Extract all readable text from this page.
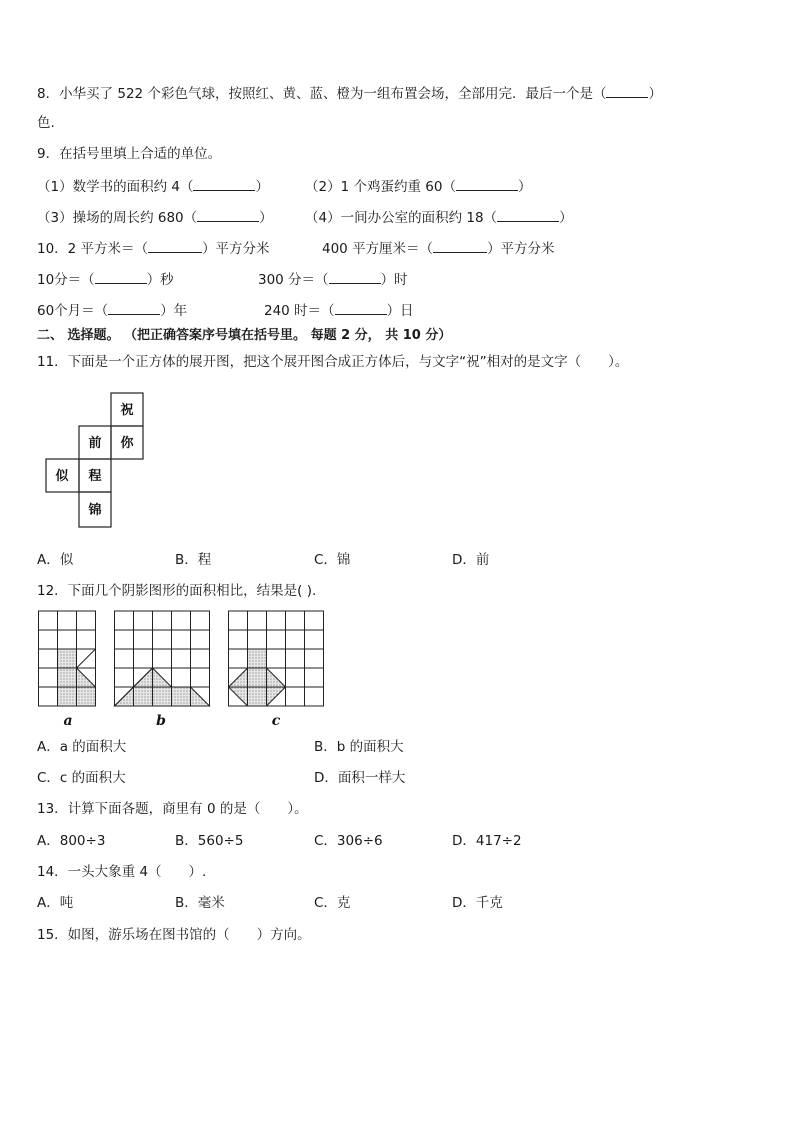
8．小华买了 522 个彩色气球，按照红、黄、蓝、橙为一组布置会场，全部用完．最后一个是（	）
色.
9．在括号里填上合适的单位。
（1）数学书的面积约 4（	）	（2）1 个鸡蛋约重 60（	）
（3）操场的周长约 680（	） （4）一间办公室的面积约 18（	）
10．2 平方米＝（	）平方分米	400 平方厘米＝（	）平方分米
10分＝（	）秒	300 分＝（	）时
60个月＝（	）年	240 时＝（	）日
二、 选择题。 （把正确答案序号填在括号里。 每题 2 分， 共 10 分）
11．下面是一个正方体的展开图，把这个展开图合成正方体后，与文字“祝”相对的是文字（　　）。
祝
前 你
似 程
锦
A．似	B．程	C．锦	D．前
12．下面几个阴影图形的面积相比，结果是( ).
a	b	c
A．a 的面积大	B．b 的面积大
C．c 的面积大	D．面积一样大
13．计算下面各题，商里有 0 的是（　　）。
A．800÷3	B．560÷5	C．306÷6	D．417÷2
14．一头大象重 4（　　）.
A．吨	B．毫米	C．克	D．千克
15．如图，游乐场在图书馆的（　　）方向。
